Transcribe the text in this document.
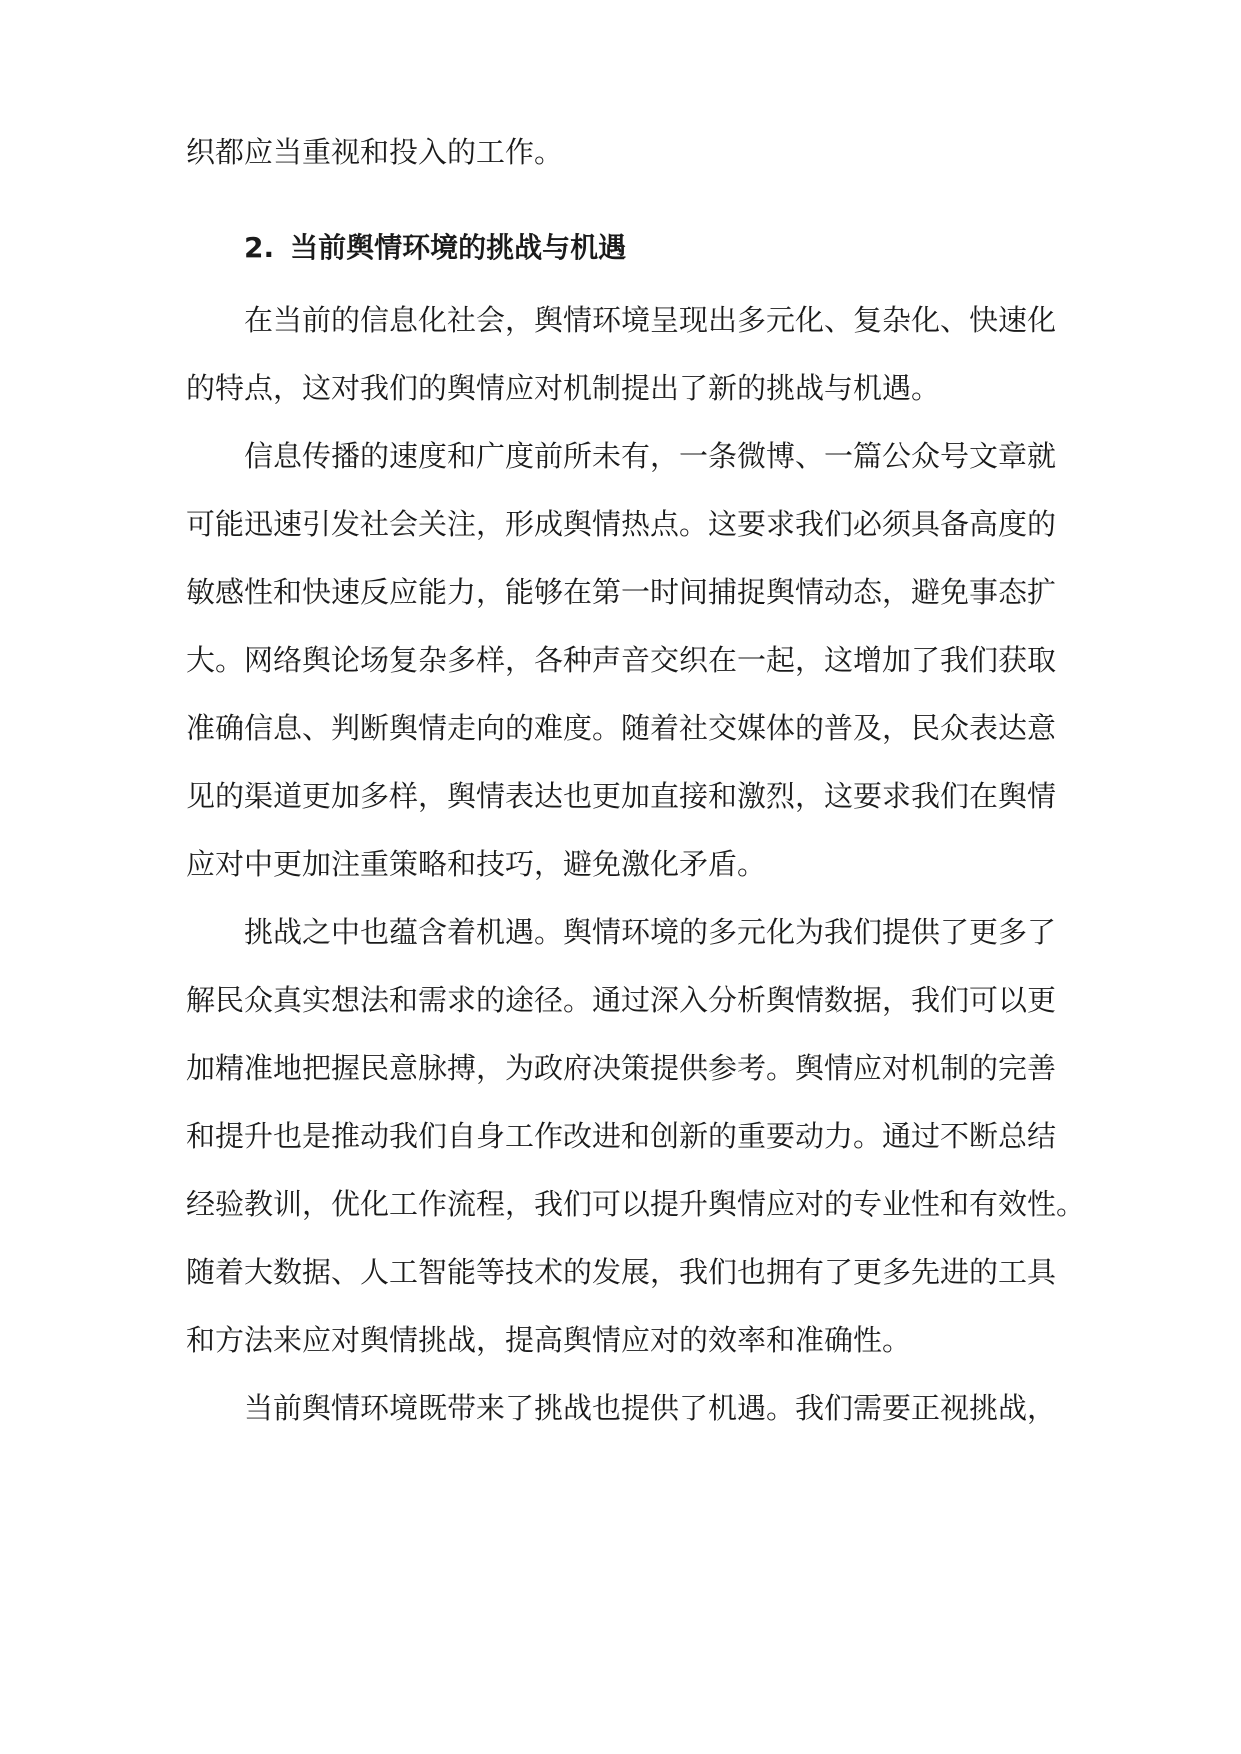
织都应当重视和投入的工作。
2. 当前舆情环境的挑战与机遇
在当前的信息化社会，舆情环境呈现出多元化、复杂化、快速化
的特点，这对我们的舆情应对机制提出了新的挑战与机遇。
信息传播的速度和广度前所未有，一条微博、一篇公众号文章就
可能迅速引发社会关注，形成舆情热点。这要求我们必须具备高度的
敏感性和快速反应能力，能够在第一时间捕捉舆情动态，避免事态扩
大。网络舆论场复杂多样，各种声音交织在一起，这增加了我们获取
准确信息、判断舆情走向的难度。随着社交媒体的普及，民众表达意
见的渠道更加多样，舆情表达也更加直接和激烈，这要求我们在舆情
应对中更加注重策略和技巧，避免激化矛盾。
挑战之中也蕴含着机遇。舆情环境的多元化为我们提供了更多了
解民众真实想法和需求的途径。通过深入分析舆情数据，我们可以更
加精准地把握民意脉搏，为政府决策提供参考。舆情应对机制的完善
和提升也是推动我们自身工作改进和创新的重要动力。通过不断总结
经验教训，优化工作流程，我们可以提升舆情应对的专业性和有效性。
随着大数据、人工智能等技术的发展，我们也拥有了更多先进的工具
和方法来应对舆情挑战，提高舆情应对的效率和准确性。
当前舆情环境既带来了挑战也提供了机遇。我们需要正视挑战，
